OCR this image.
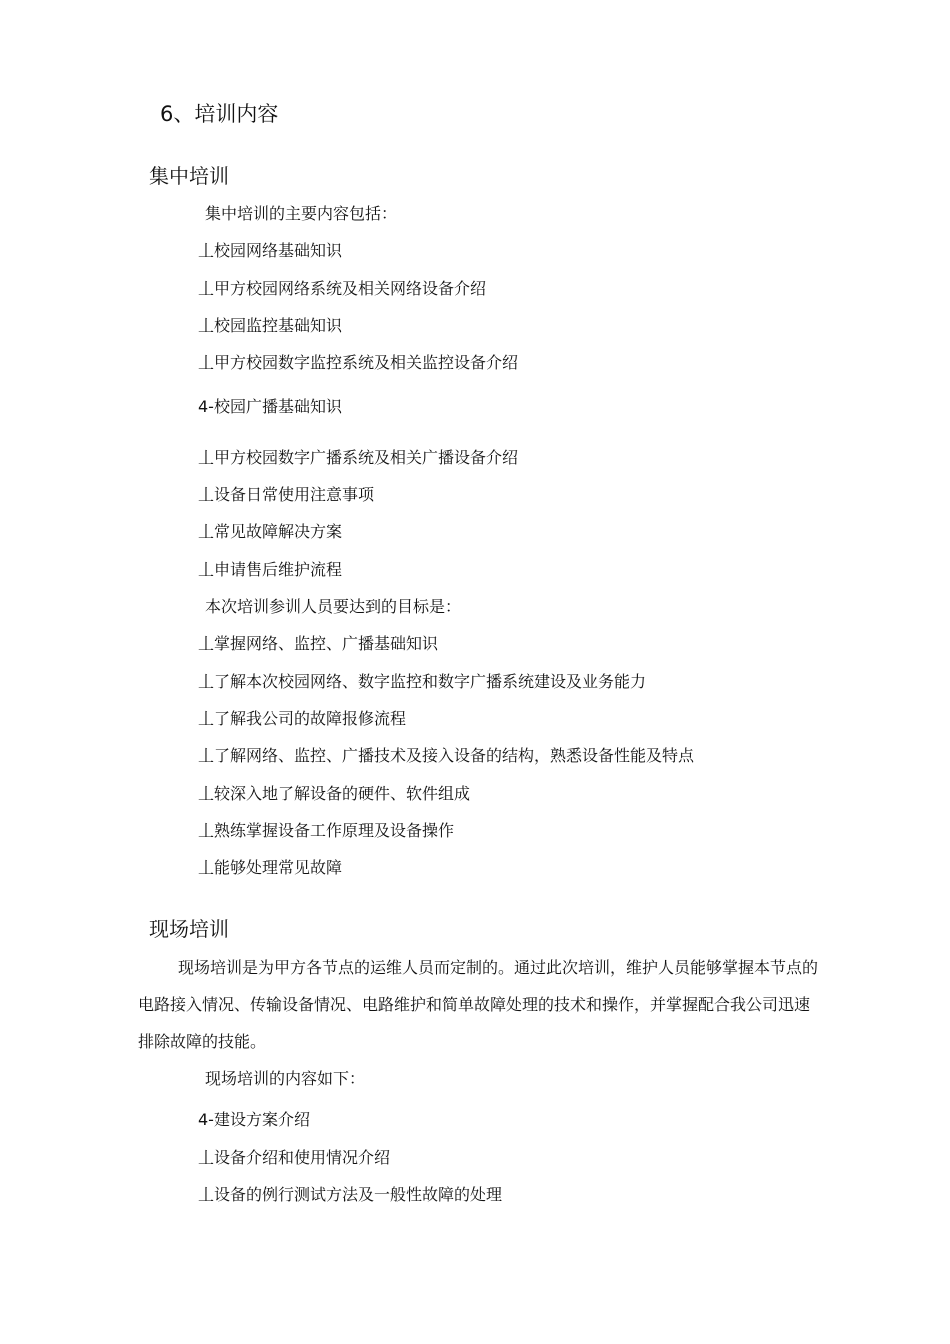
6、培训内容
集中培训
集中培训的主要内容包括：
丄校园网络基础知识
丄甲方校园网络系统及相关网络设备介绍
丄校园监控基础知识
丄甲方校园数字监控系统及相关监控设备介绍
4-校园广播基础知识
丄甲方校园数字广播系统及相关广播设备介绍
丄设备日常使用注意事项
丄常见故障解决方案
丄申请售后维护流程
本次培训参训人员要达到的目标是：
丄掌握网络、监控、广播基础知识
丄了解本次校园网络、数字监控和数字广播系统建设及业务能力
丄了解我公司的故障报修流程
丄了解网络、监控、广播技术及接入设备的结构，熟悉设备性能及特点
丄较深入地了解设备的硬件、软件组成
丄熟练掌握设备工作原理及设备操作
丄能够处理常见故障
现场培训

现场培训是为甲方各节点的运维人员而定制的。通过此次培训，维护人员能够掌握本节点的电路接入情况、传输设备情况、电路维护和简单故障处理的技术和操作，并掌握配合我公司迅速排除故障的技能。

现场培训的内容如下：
4-建设方案介绍
丄设备介绍和使用情况介绍
丄设备的例行测试方法及一般性故障的处理
